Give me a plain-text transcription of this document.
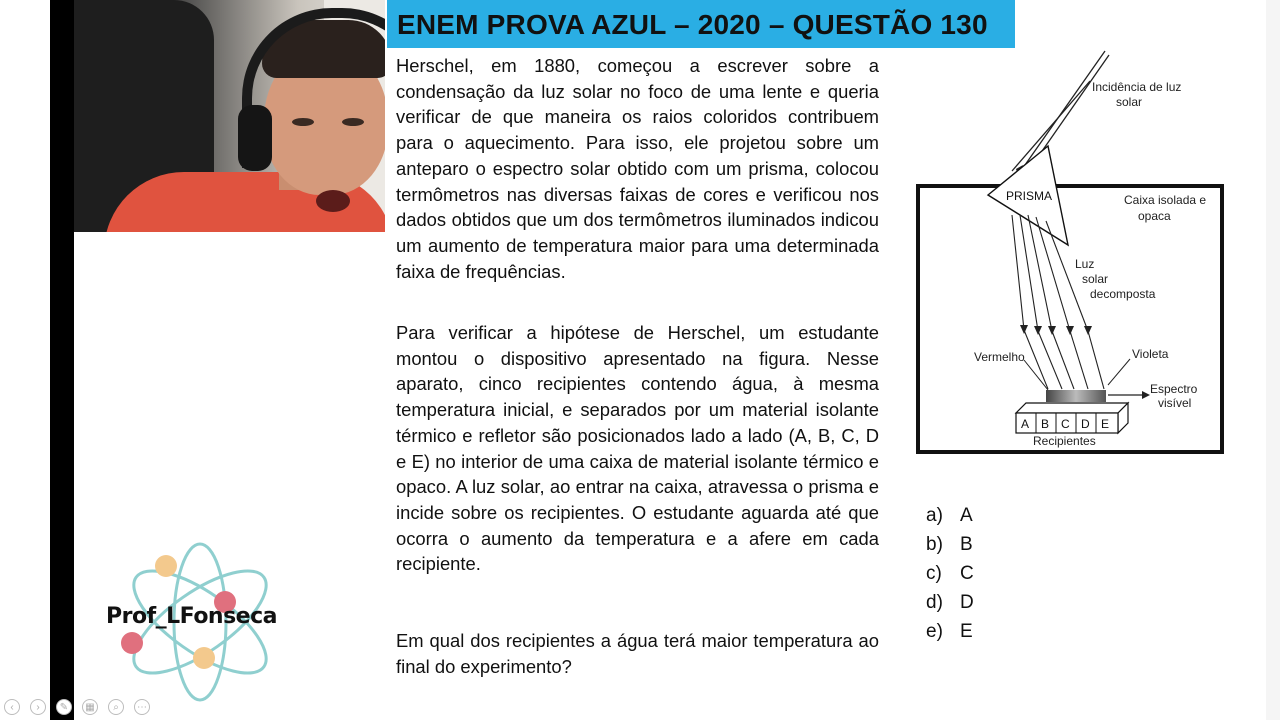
ENEM PROVA AZUL – 2020 – QUESTÃO 130
Herschel, em 1880, começou a escrever sobre a condensação da luz solar no foco de uma lente e queria verificar de que maneira os raios coloridos contribuem para o aquecimento. Para isso, ele projetou sobre um anteparo o espectro solar obtido com um prisma, colocou termômetros nas diversas faixas de cores e verificou nos dados obtidos que um dos termômetros iluminados indicou um aumento de temperatura maior para uma determinada faixa de frequências.
Para verificar a hipótese de Herschel, um estudante montou o dispositivo apresentado na figura. Nesse aparato, cinco recipientes contendo água, à mesma temperatura inicial, e separados por um material isolante térmico e refletor são posicionados lado a lado (A, B, C, D e E) no interior de uma caixa de material isolante térmico e opaco. A luz solar, ao entrar na caixa, atravessa o prisma e incide sobre os recipientes. O estudante aguarda até que ocorra o aumento da temperatura e a afere em cada recipiente.
Em qual dos recipientes a água terá maior temperatura ao final do experimento?
PRISMA
A B C D E
Incidência de luz
solar
Caixa isolada e
opaca
Luz
solar
decomposta
Vermelho	Violeta
Espectro
visível
Recipientes
a) A
b) B
c) C
d) D
e) E
Prof_LFonseca
‹	›	✎	▦	⌕	⋯
